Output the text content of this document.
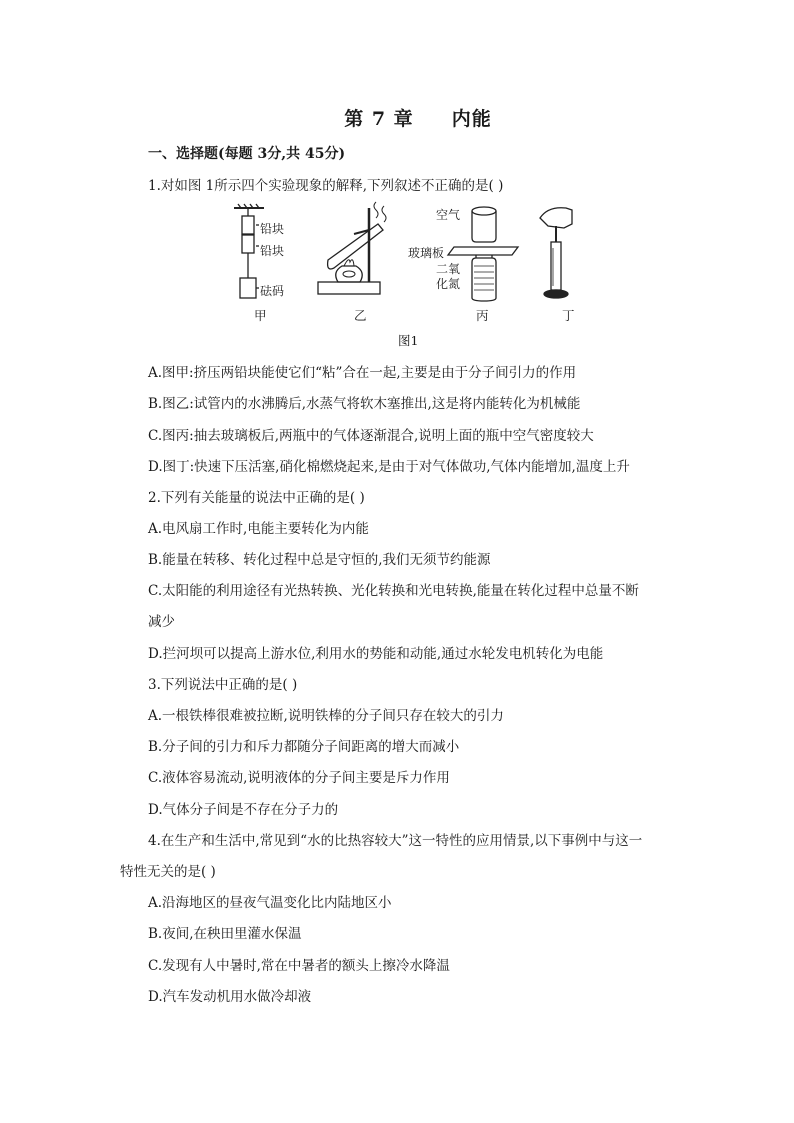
第 7 章     内能
一、选择题(每题 3分,共 45分)
1.对如图 1所示四个实验现象的解释,下列叙述不正确的是( )
铅块
铅块
砝码
空气
玻璃板
二氧
化氮
甲	乙	丙	丁
图1
A.图甲:挤压两铅块能使它们“粘”合在一起,主要是由于分子间引力的作用
B.图乙:试管内的水沸腾后,水蒸气将软木塞推出,这是将内能转化为机械能
C.图丙:抽去玻璃板后,两瓶中的气体逐渐混合,说明上面的瓶中空气密度较大
D.图丁:快速下压活塞,硝化棉燃烧起来,是由于对气体做功,气体内能增加,温度上升
2.下列有关能量的说法中正确的是( )
A.电风扇工作时,电能主要转化为内能
B.能量在转移、转化过程中总是守恒的,我们无须节约能源
C.太阳能的利用途径有光热转换、光化转换和光电转换,能量在转化过程中总量不断
减少
D.拦河坝可以提高上游水位,利用水的势能和动能,通过水轮发电机转化为电能
3.下列说法中正确的是( )
A.一根铁棒很难被拉断,说明铁棒的分子间只存在较大的引力
B.分子间的引力和斥力都随分子间距离的增大而减小
C.液体容易流动,说明液体的分子间主要是斥力作用
D.气体分子间是不存在分子力的
4.在生产和生活中,常见到“水的比热容较大”这一特性的应用情景,以下事例中与这一
特性无关的是( )
A.沿海地区的昼夜气温变化比内陆地区小
B.夜间,在秧田里灌水保温
C.发现有人中暑时,常在中暑者的额头上擦冷水降温
D.汽车发动机用水做冷却液
